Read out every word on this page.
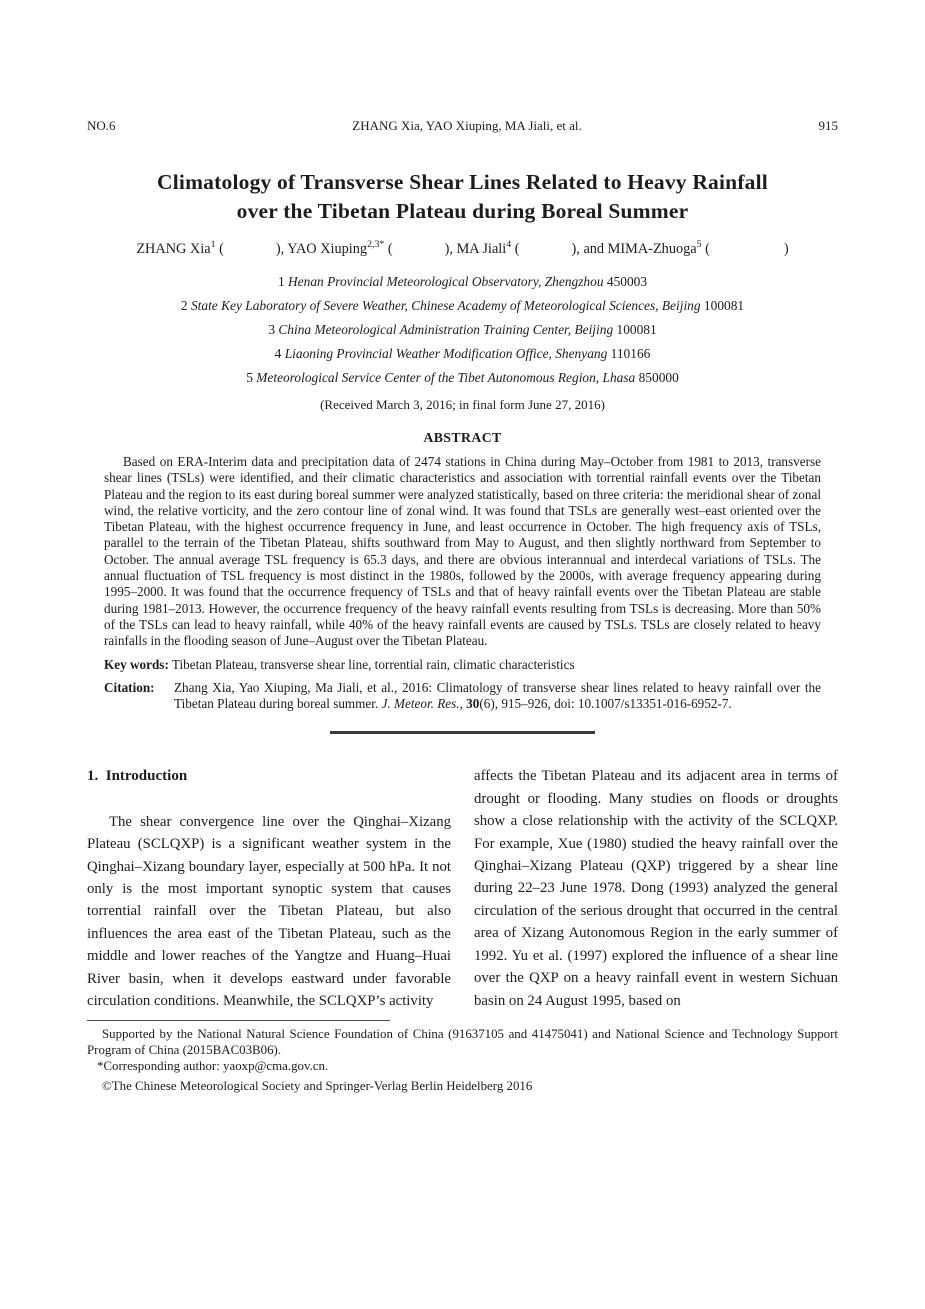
NO.6	ZHANG Xia, YAO Xiuping, MA Jiali, et al.	915
Climatology of Transverse Shear Lines Related to Heavy Rainfall
over the Tibetan Plateau during Boreal Summer
ZHANG Xia$^1$ (	), YAO Xiuping$^{2,3*}$ (	), MA Jiali$^4$ (	), and MIMA-Zhuoga$^5$ (	)
1 Henan Provincial Meteorological Observatory, Zhengzhou 450003
2 State Key Laboratory of Severe Weather, Chinese Academy of Meteorological Sciences, Beijing 100081
3 China Meteorological Administration Training Center, Beijing 100081
4 Liaoning Provincial Weather Modification Office, Shenyang 110166
5 Meteorological Service Center of the Tibet Autonomous Region, Lhasa 850000
(Received March 3, 2016; in final form June 27, 2016)
ABSTRACT

Based on ERA-Interim data and precipitation data of 2474 stations in China during May–October from 1981 to 2013, transverse shear lines (TSLs) were identified, and their climatic characteristics and association with torrential rainfall events over the Tibetan Plateau and the region to its east during boreal summer were analyzed statistically, based on three criteria: the meridional shear of zonal wind, the relative vorticity, and the zero contour line of zonal wind. It was found that TSLs are generally west–east oriented over the Tibetan Plateau, with the highest occurrence frequency in June, and least occurrence in October. The high frequency axis of TSLs, parallel to the terrain of the Tibetan Plateau, shifts southward from May to August, and then slightly northward from September to October. The annual average TSL frequency is 65.3 days, and there are obvious interannual and interdecal variations of TSLs. The annual fluctuation of TSL frequency is most distinct in the 1980s, followed by the 2000s, with average frequency appearing during 1995–2000. It was found that the occurrence frequency of TSLs and that of heavy rainfall events over the Tibetan Plateau are stable during 1981–2013. However, the occurrence frequency of the heavy rainfall events resulting from TSLs is decreasing. More than 50% of the TSLs can lead to heavy rainfall, while 40% of the heavy rainfall events are caused by TSLs. TSLs are closely related to heavy rainfalls in the flooding season of June–August over the Tibetan Plateau.

Key words: Tibetan Plateau, transverse shear line, torrential rain, climatic characteristics
Citation: Zhang Xia, Yao Xiuping, Ma Jiali, et al., 2016: Climatology of transverse shear lines related to heavy rainfall over the Tibetan Plateau during boreal summer. J. Meteor. Res., 30(6), 915–926, doi: 10.1007/s13351-016-6952-7.
1.  Introduction

The shear convergence line over the Qinghai–Xizang Plateau (SCLQXP) is a significant weather system in the Qinghai–Xizang boundary layer, especially at 500 hPa. It not only is the most important synoptic system that causes torrential rainfall over the Tibetan Plateau, but also influences the area east of the Tibetan Plateau, such as the middle and lower reaches of the Yangtze and Huang–Huai River basin, when it develops eastward under favorable circulation conditions. Meanwhile, the SCLQXP’s activity

affects the Tibetan Plateau and its adjacent area in terms of drought or flooding. Many studies on floods or droughts show a close relationship with the activity of the SCLQXP. For example, Xue (1980) studied the heavy rainfall over the Qinghai–Xizang Plateau (QXP) triggered by a shear line during 22–23 June 1978. Dong (1993) analyzed the general circulation of the serious drought that occurred in the central area of Xizang Autonomous Region in the early summer of 1992. Yu et al. (1997) explored the influence of a shear line over the QXP on a heavy rainfall event in western Sichuan basin on 24 August 1995, based on

Supported by the National Natural Science Foundation of China (91637105 and 41475041) and National Science and Technology Support Program of China (2015BAC03B06).

*Corresponding author: yaoxp@cma.gov.cn.

©The Chinese Meteorological Society and Springer-Verlag Berlin Heidelberg 2016
